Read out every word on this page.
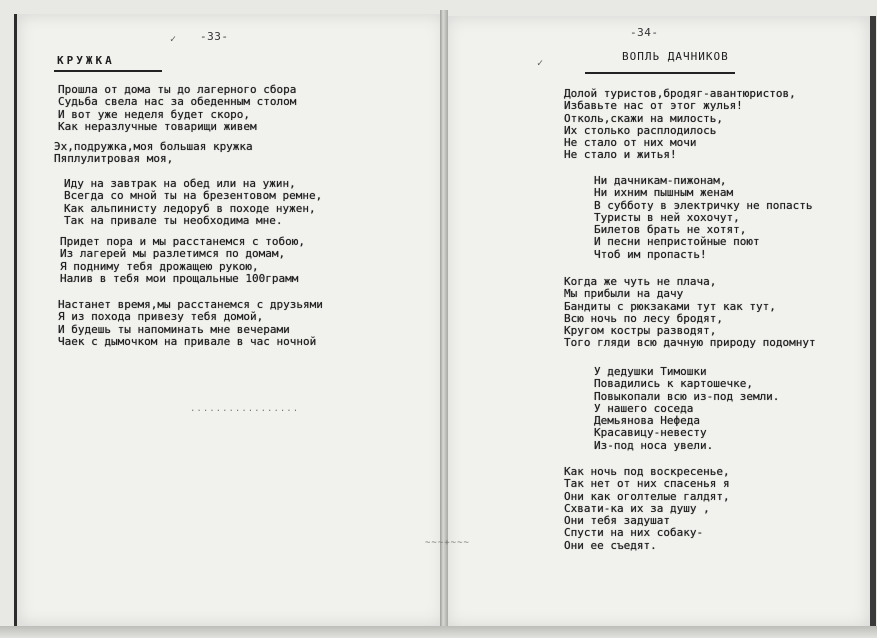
-33-
КРУЖКА
✓
Прошла от дома ты до лагерного сбора
Судьба свела нас за обеденным столом
И вот уже неделя будет скоро,
Как неразлучные товарищи живем
Эх,подружка,моя большая кружка
Пяплулитровая моя,
Иду на завтрак на обед или на ужин,
Всегда со мной ты на брезентовом ремне,
Как альпинисту ледоруб в походе нужен,
Так на привале ты необходима мне.
Придет пора и мы расстанемся с тобою,
Из лагерей мы разлетимся по домам,
Я подниму тебя дрожащею рукою,
Налив в тебя мои прощальные 100грамм
Настанет время,мы расстанемся с друзьями
Я из похода привезу тебя домой,
И будешь ты напоминать мне вечерами
Чаек с дымочком на привале в час ночной
.................
-34-
ВОПЛЬ ДАЧНИКОВ
✓
Долой туристов,бродяг-авантюристов,
Избавьте нас от этог жулья!
Отколь,скажи на милость,
Их столько расплодилось
Не стало от них мочи
Не стало и житья!
Ни дачникам-пижонам,
Ни ихним пышным женам
В субботу в электричку не попасть
Туристы в ней хохочут,
Билетов брать не хотят,
И песни непристойные поют
Чтоб им пропасть!
Когда же чуть не плача,
Мы прибыли на дачу
Бандиты с рюкзаками тут как тут,
Всю ночь по лесу бродят,
Кругом костры разводят,
Того гляди всю дачную природу подомнут
У дедушки Тимошки
Повадились к картошечке,
Повыкопали всю из-под земли.
У нашего соседа
Демьянова Нефеда
Красавицу-невесту
Из-под носа увели.
Как ночь под воскресенье,
Так нет от них спасенья я
Они как оголтелые галдят,
Схвати-ка их за душу ,
Они тебя задушат
Спусти на них собаку-
Они ее съедят.
~~~+~~~
